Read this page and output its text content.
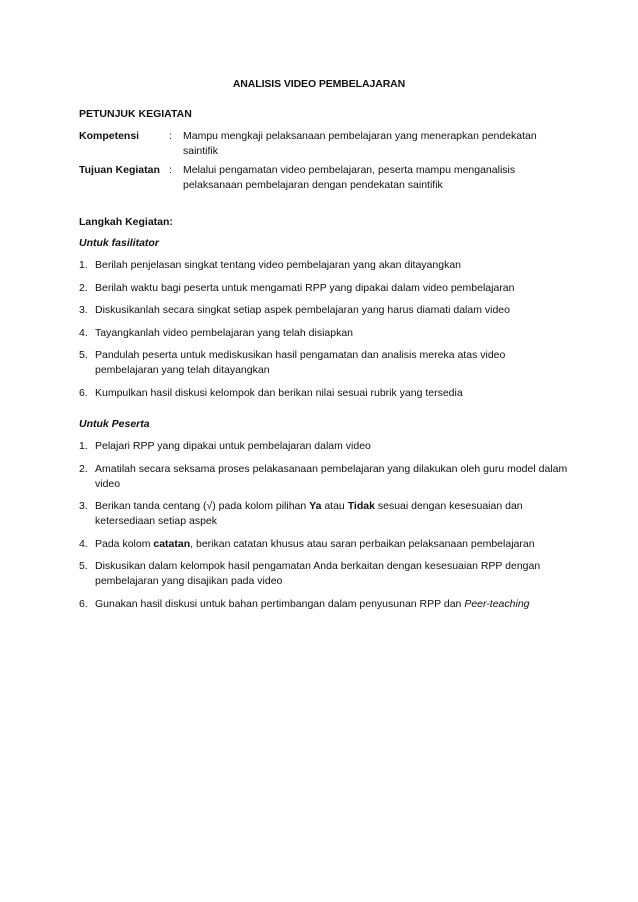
ANALISIS VIDEO PEMBELAJARAN
PETUNJUK KEGIATAN
Kompetensi	: Mampu mengkaji pelaksanaan pembelajaran yang menerapkan pendekatan saintifik
Tujuan Kegiatan : Melalui pengamatan video pembelajaran, peserta mampu menganalisis pelaksanaan pembelajaran dengan pendekatan saintifik
Langkah Kegiatan:
Untuk fasilitator
1. Berilah penjelasan singkat tentang video pembelajaran yang akan ditayangkan
2. Berilah waktu bagi peserta untuk mengamati RPP yang dipakai dalam video pembelajaran
3. Diskusikanlah secara singkat setiap aspek pembelajaran yang harus diamati dalam video
4. Tayangkanlah video pembelajaran yang telah disiapkan
5. Pandulah peserta untuk mediskusikan hasil pengamatan dan analisis mereka atas video pembelajaran yang telah ditayangkan
6. Kumpulkan hasil diskusi kelompok dan berikan nilai sesuai rubrik yang tersedia
Untuk Peserta
1. Pelajari RPP yang dipakai untuk pembelajaran dalam video
2. Amatilah secara seksama proses pelakasanaan pembelajaran yang dilakukan oleh guru model dalam video
3. Berikan tanda centang (√) pada kolom pilihan Ya atau Tidak sesuai dengan kesesuaian dan ketersediaan setiap aspek
4. Pada kolom catatan, berikan catatan khusus atau saran perbaikan pelaksanaan pembelajaran
5. Diskusikan dalam kelompok hasil pengamatan Anda berkaitan dengan kesesuaian RPP dengan pembelajaran yang disajikan pada video
6. Gunakan hasil diskusi untuk bahan pertimbangan dalam penyusunan RPP dan Peer-teaching
